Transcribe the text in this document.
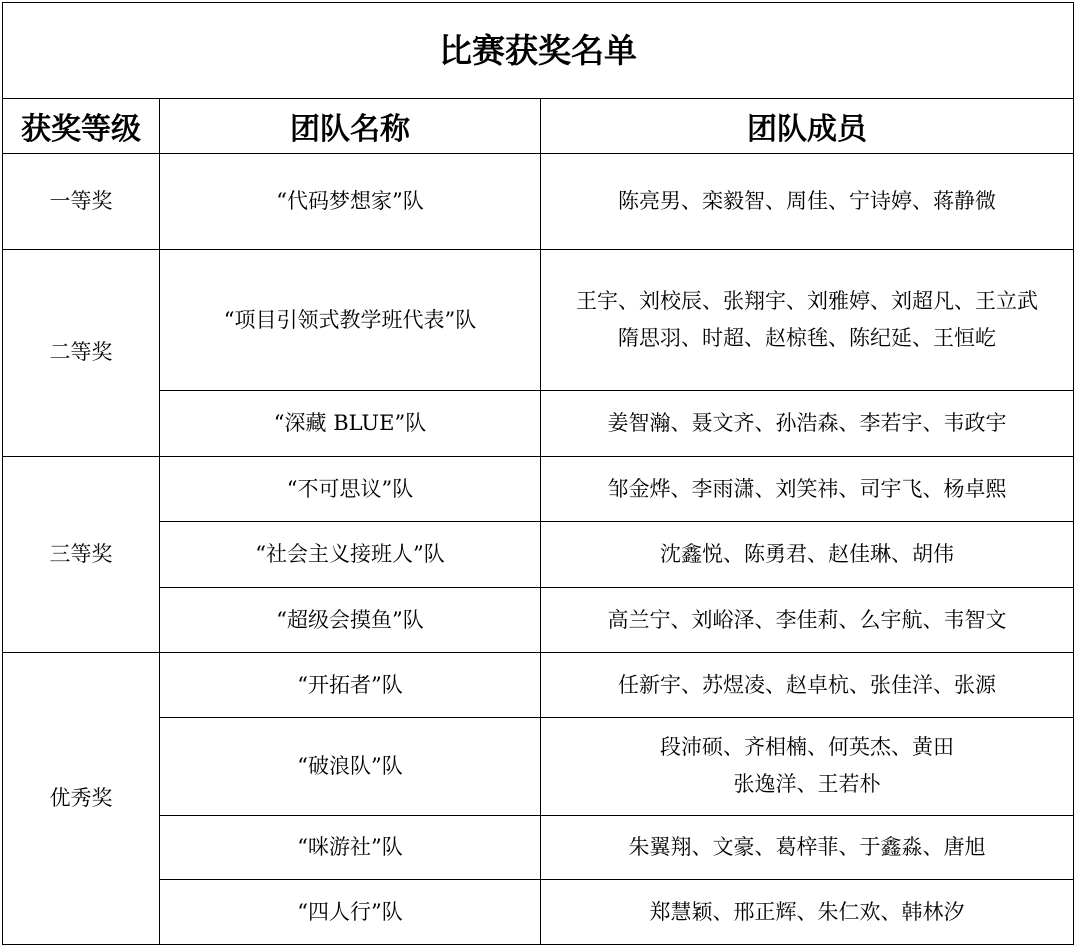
比赛获奖名单		
获奖等级	团队名称	团队成员
一等奖	“代码梦想家”队	陈亮男、栾毅智、周佳、宁诗婷、蒋静微

二等奖	“项目引领式教学班代表”队	王宇、刘校辰、张翔宇、刘雅婷、刘超凡、王立武
隋思羽、时超、赵椋毪、陈纪延、王恒屹

	“深藏 BLUE”队	姜智瀚、聂文齐、孙浩森、李若宇、韦政宇

三等奖	“不可思议”队	邹金烨、李雨潇、刘笑祎、司宇飞、杨卓熙

	“社会主义接班人”队	沈鑫悦、陈勇君、赵佳琳、胡伟

	“超级会摸鱼”队	高兰宁、刘峪泽、李佳莉、么宇航、韦智文

优秀奖	“开拓者”队	任新宇、苏煜凌、赵卓杭、张佳洋、张源

	“破浪队”队	段沛硕、齐相楠、何英杰、黄田
张逸洋、王若朴

	“咪游社”队	朱翼翔、文豪、葛梓菲、于鑫淼、唐旭

	“四人行”队	郑慧颖、邢正辉、朱仁欢、韩林汐
